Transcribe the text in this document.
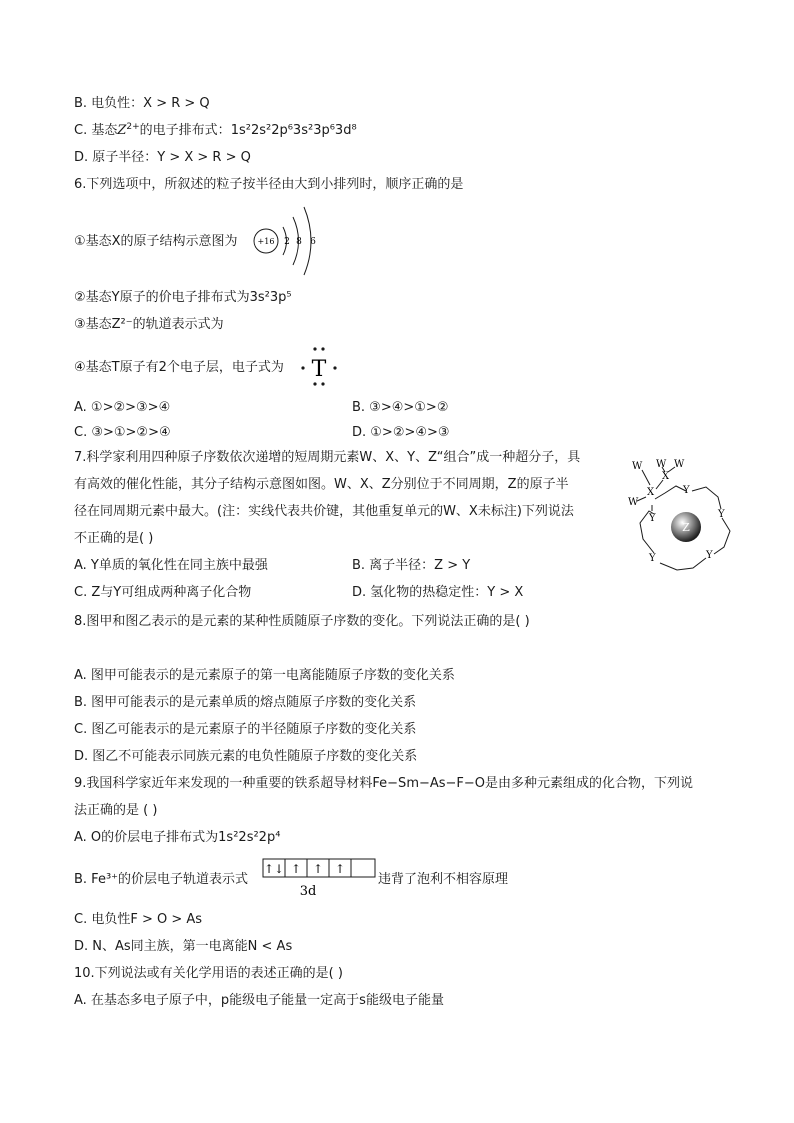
B. 电负性：X > R > Q
C. 基态$Z^{2+}$的电子排布式：1s²2s²2p⁶3s²3p⁶3d⁸
D. 原子半径：Y > X > R > Q
6.下列选项中，所叙述的粒子按半径由大到小排列时，顺序正确的是
①基态X的原子结构示意图为 +16 2 8 6
②基态Y原子的价电子排布式为3s²3p⁵
③基态Z²⁻的轨道表示式为
④基态T原子有2个电子层，电子式为 T
A. ①>②>③>④	B. ③>④>①>②
C. ③>①>②>④	D. ①>②>④>③
7.科学家利用四种原子序数依次递增的短周期元素W、X、Y、Z“组合”成一种超分子，具
有高效的催化性能，其分子结构示意图如图。W、X、Z分别位于不同周期，Z的原子半
径在同周期元素中最大。(注：实线代表共价键，其他重复单元的W、X未标注)下列说法
不正确的是( )
A. Y单质的氧化性在同主族中最强	B. 离子半径：Z > Y
C. Z与Y可组成两种离子化合物	D. 氢化物的热稳定性：Y > X
W W
W
W
X
X	Y
Y
Y
Y
Y
Z
8.图甲和图乙表示的是元素的某种性质随原子序数的变化。下列说法正确的是( )
A. 图甲可能表示的是元素原子的第一电离能随原子序数的变化关系
B. 图甲可能表示的是元素单质的熔点随原子序数的变化关系
C. 图乙可能表示的是元素原子的半径随原子序数的变化关系
D. 图乙不可能表示同族元素的电负性随原子序数的变化关系
9.我国科学家近年来发现的一种重要的铁系超导材料Fe−Sm−As−F−O是由多种元素组成的化合物，下列说
法正确的是 ( )
A. O的价层电子排布式为1s²2s²2p⁴
B. Fe³⁺的价层电子轨道表示式
↑↓ ↑ ↑ ↑
3d
违背了泡利不相容原理
C. 电负性F > O > As
D. N、As同主族，第一电离能N < As
10.下列说法或有关化学用语的表述正确的是( )
A. 在基态多电子原子中，p能级电子能量一定高于s能级电子能量
